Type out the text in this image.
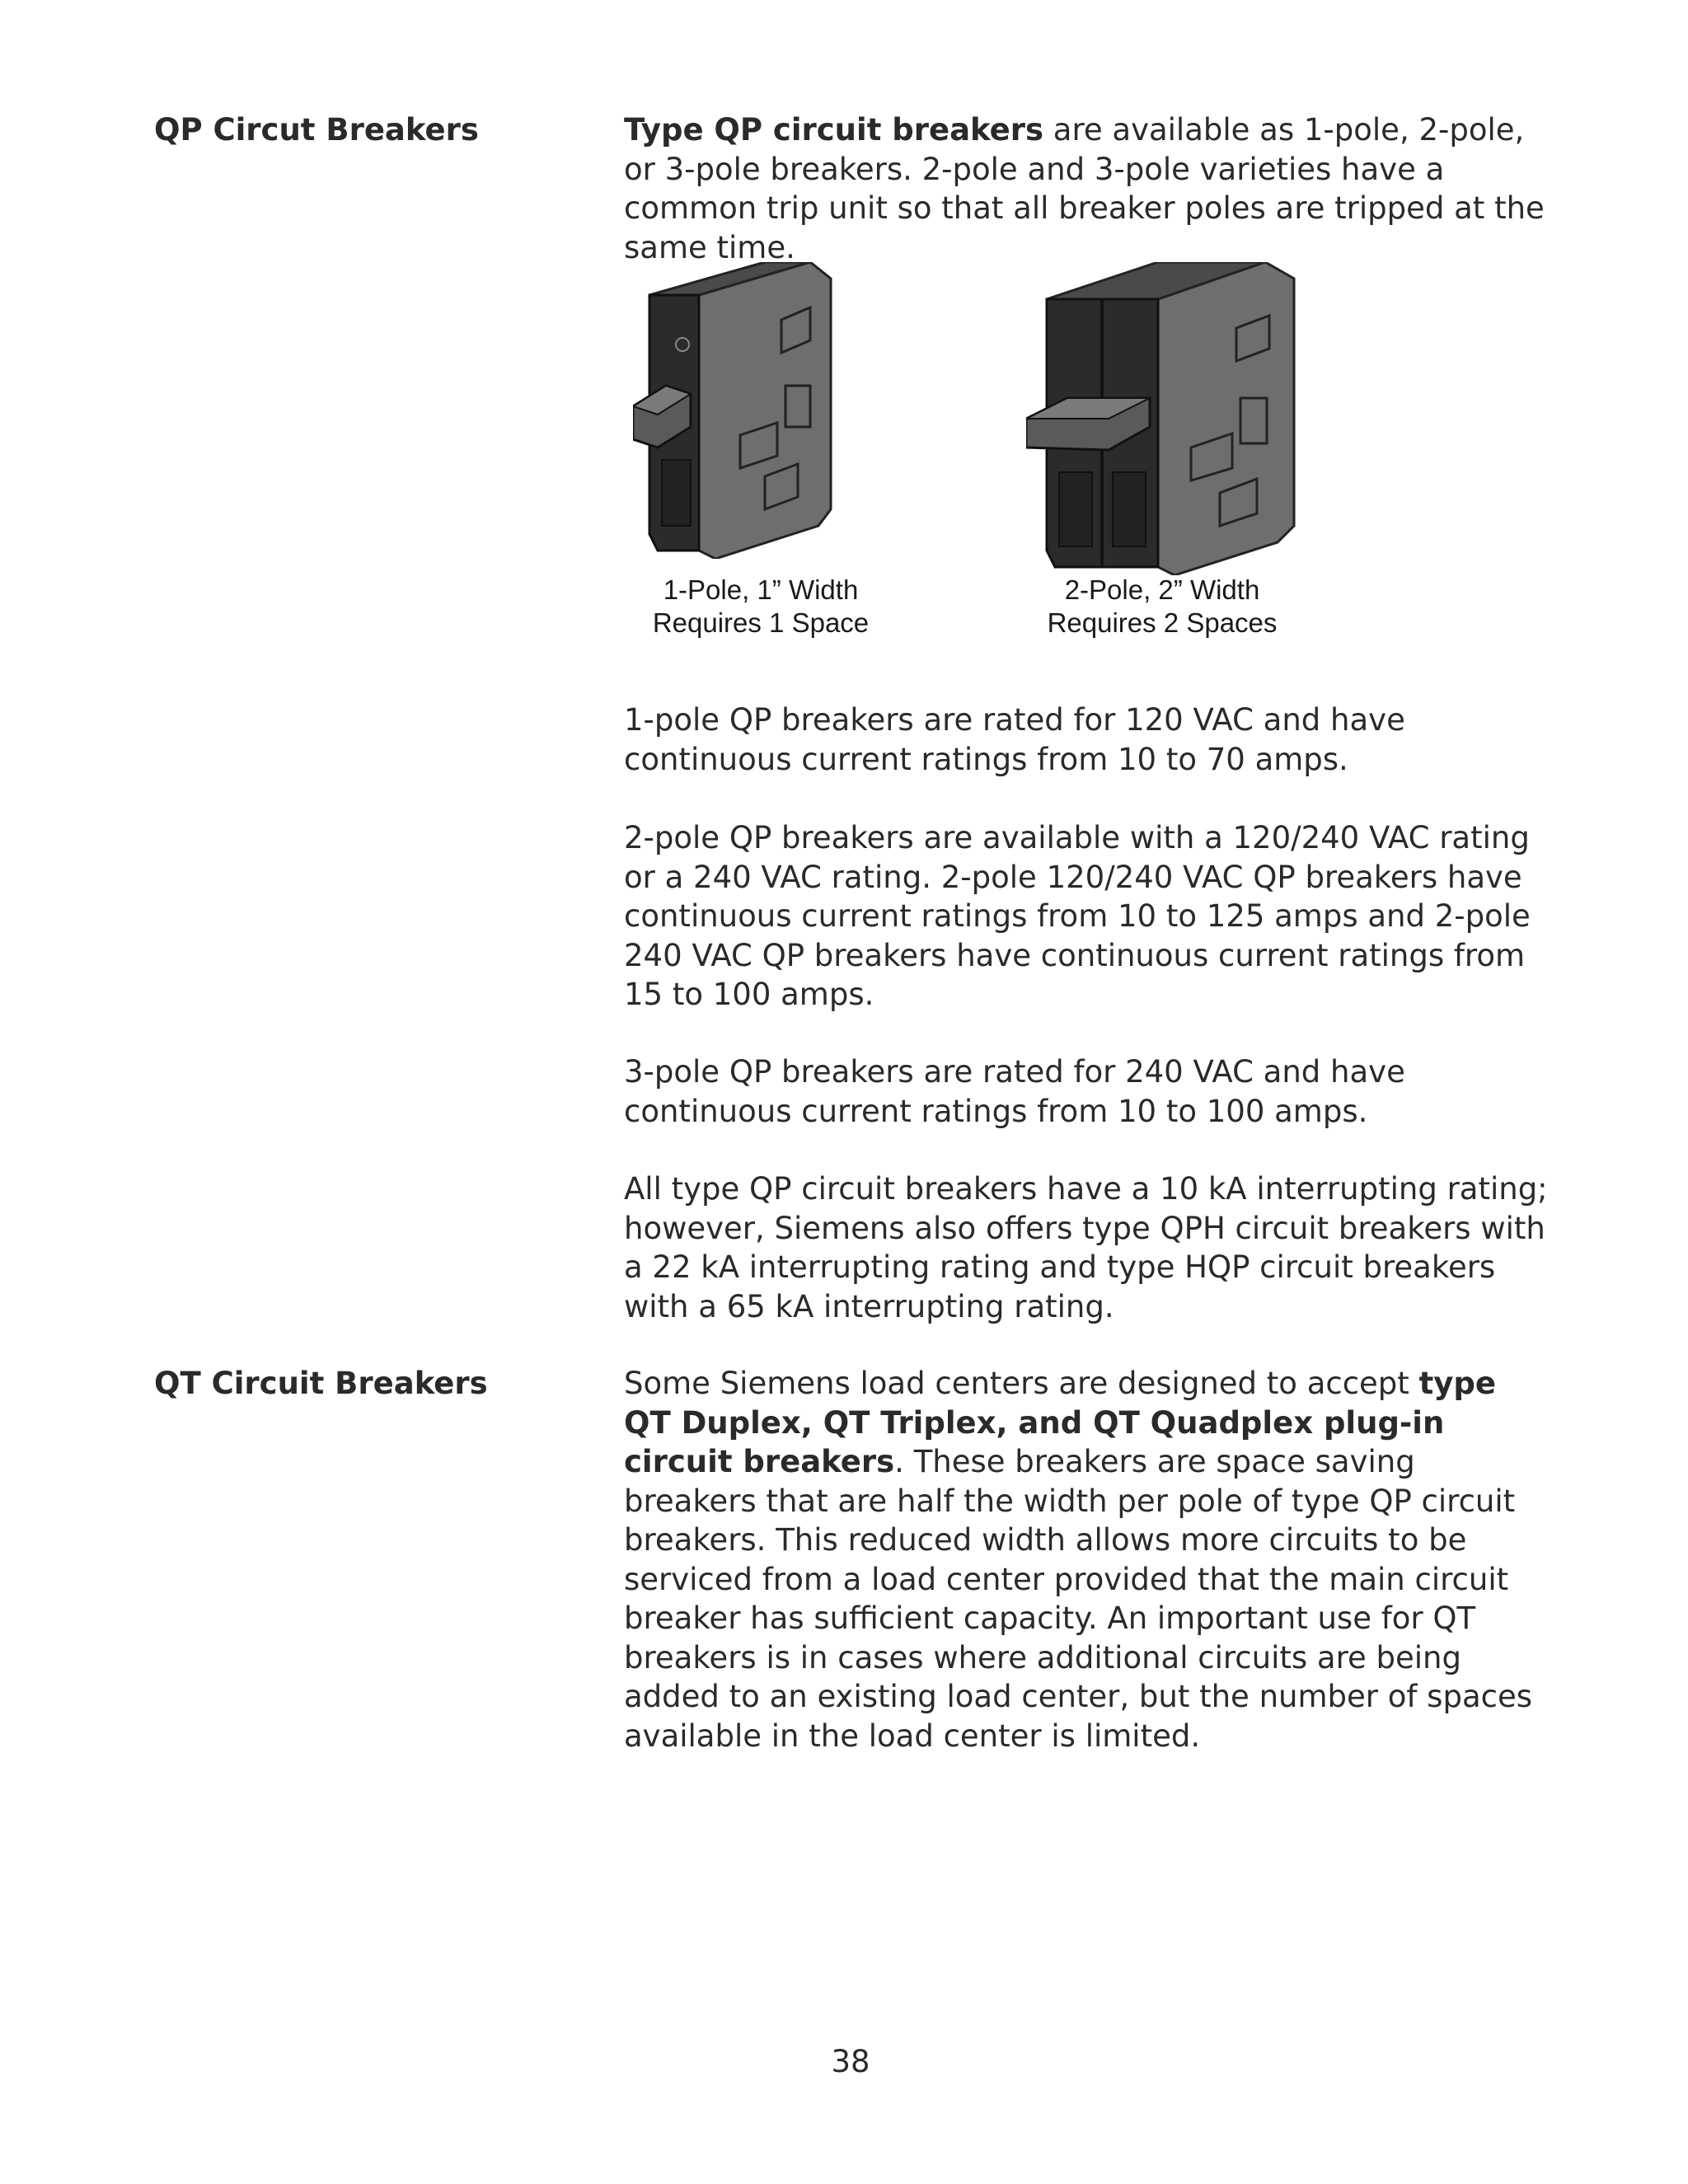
QP Circut Breakers	Type QP circuit breakers are available as 1-pole, 2-pole, or 3-pole breakers. 2-pole and 3-pole varieties have a common trip unit so that all breaker poles are tripped at the same time.

1-Pole, 1” Width
Requires 1 Space
2-Pole, 2” Width
Requires 2 Spaces

1-pole QP breakers are rated for 120 VAC and have continuous current ratings from 10 to 70 amps.

2-pole QP breakers are available with a 120/240 VAC rating or a 240 VAC rating. 2-pole 120/240 VAC QP breakers have continuous current ratings from 10 to 125 amps and 2-pole 240 VAC QP breakers have continuous current ratings from 15 to 100 amps.

3-pole QP breakers are rated for 240 VAC and have continuous current ratings from 10 to 100 amps.

All type QP circuit breakers have a 10 kA interrupting rating; however, Siemens also offers type QPH circuit breakers with a 22 kA interrupting rating and type HQP circuit breakers with a 65 kA interrupting rating.

QT Circuit Breakers	Some Siemens load centers are designed to accept type QT Duplex, QT Triplex, and QT Quadplex plug-in circuit breakers. These breakers are space saving breakers that are half the width per pole of type QP circuit breakers. This reduced width allows more circuits to be serviced from a load center provided that the main circuit breaker has sufficient capacity. An important use for QT breakers is in cases where additional circuits are being added to an existing load center, but the number of spaces available in the load center is limited.

38
